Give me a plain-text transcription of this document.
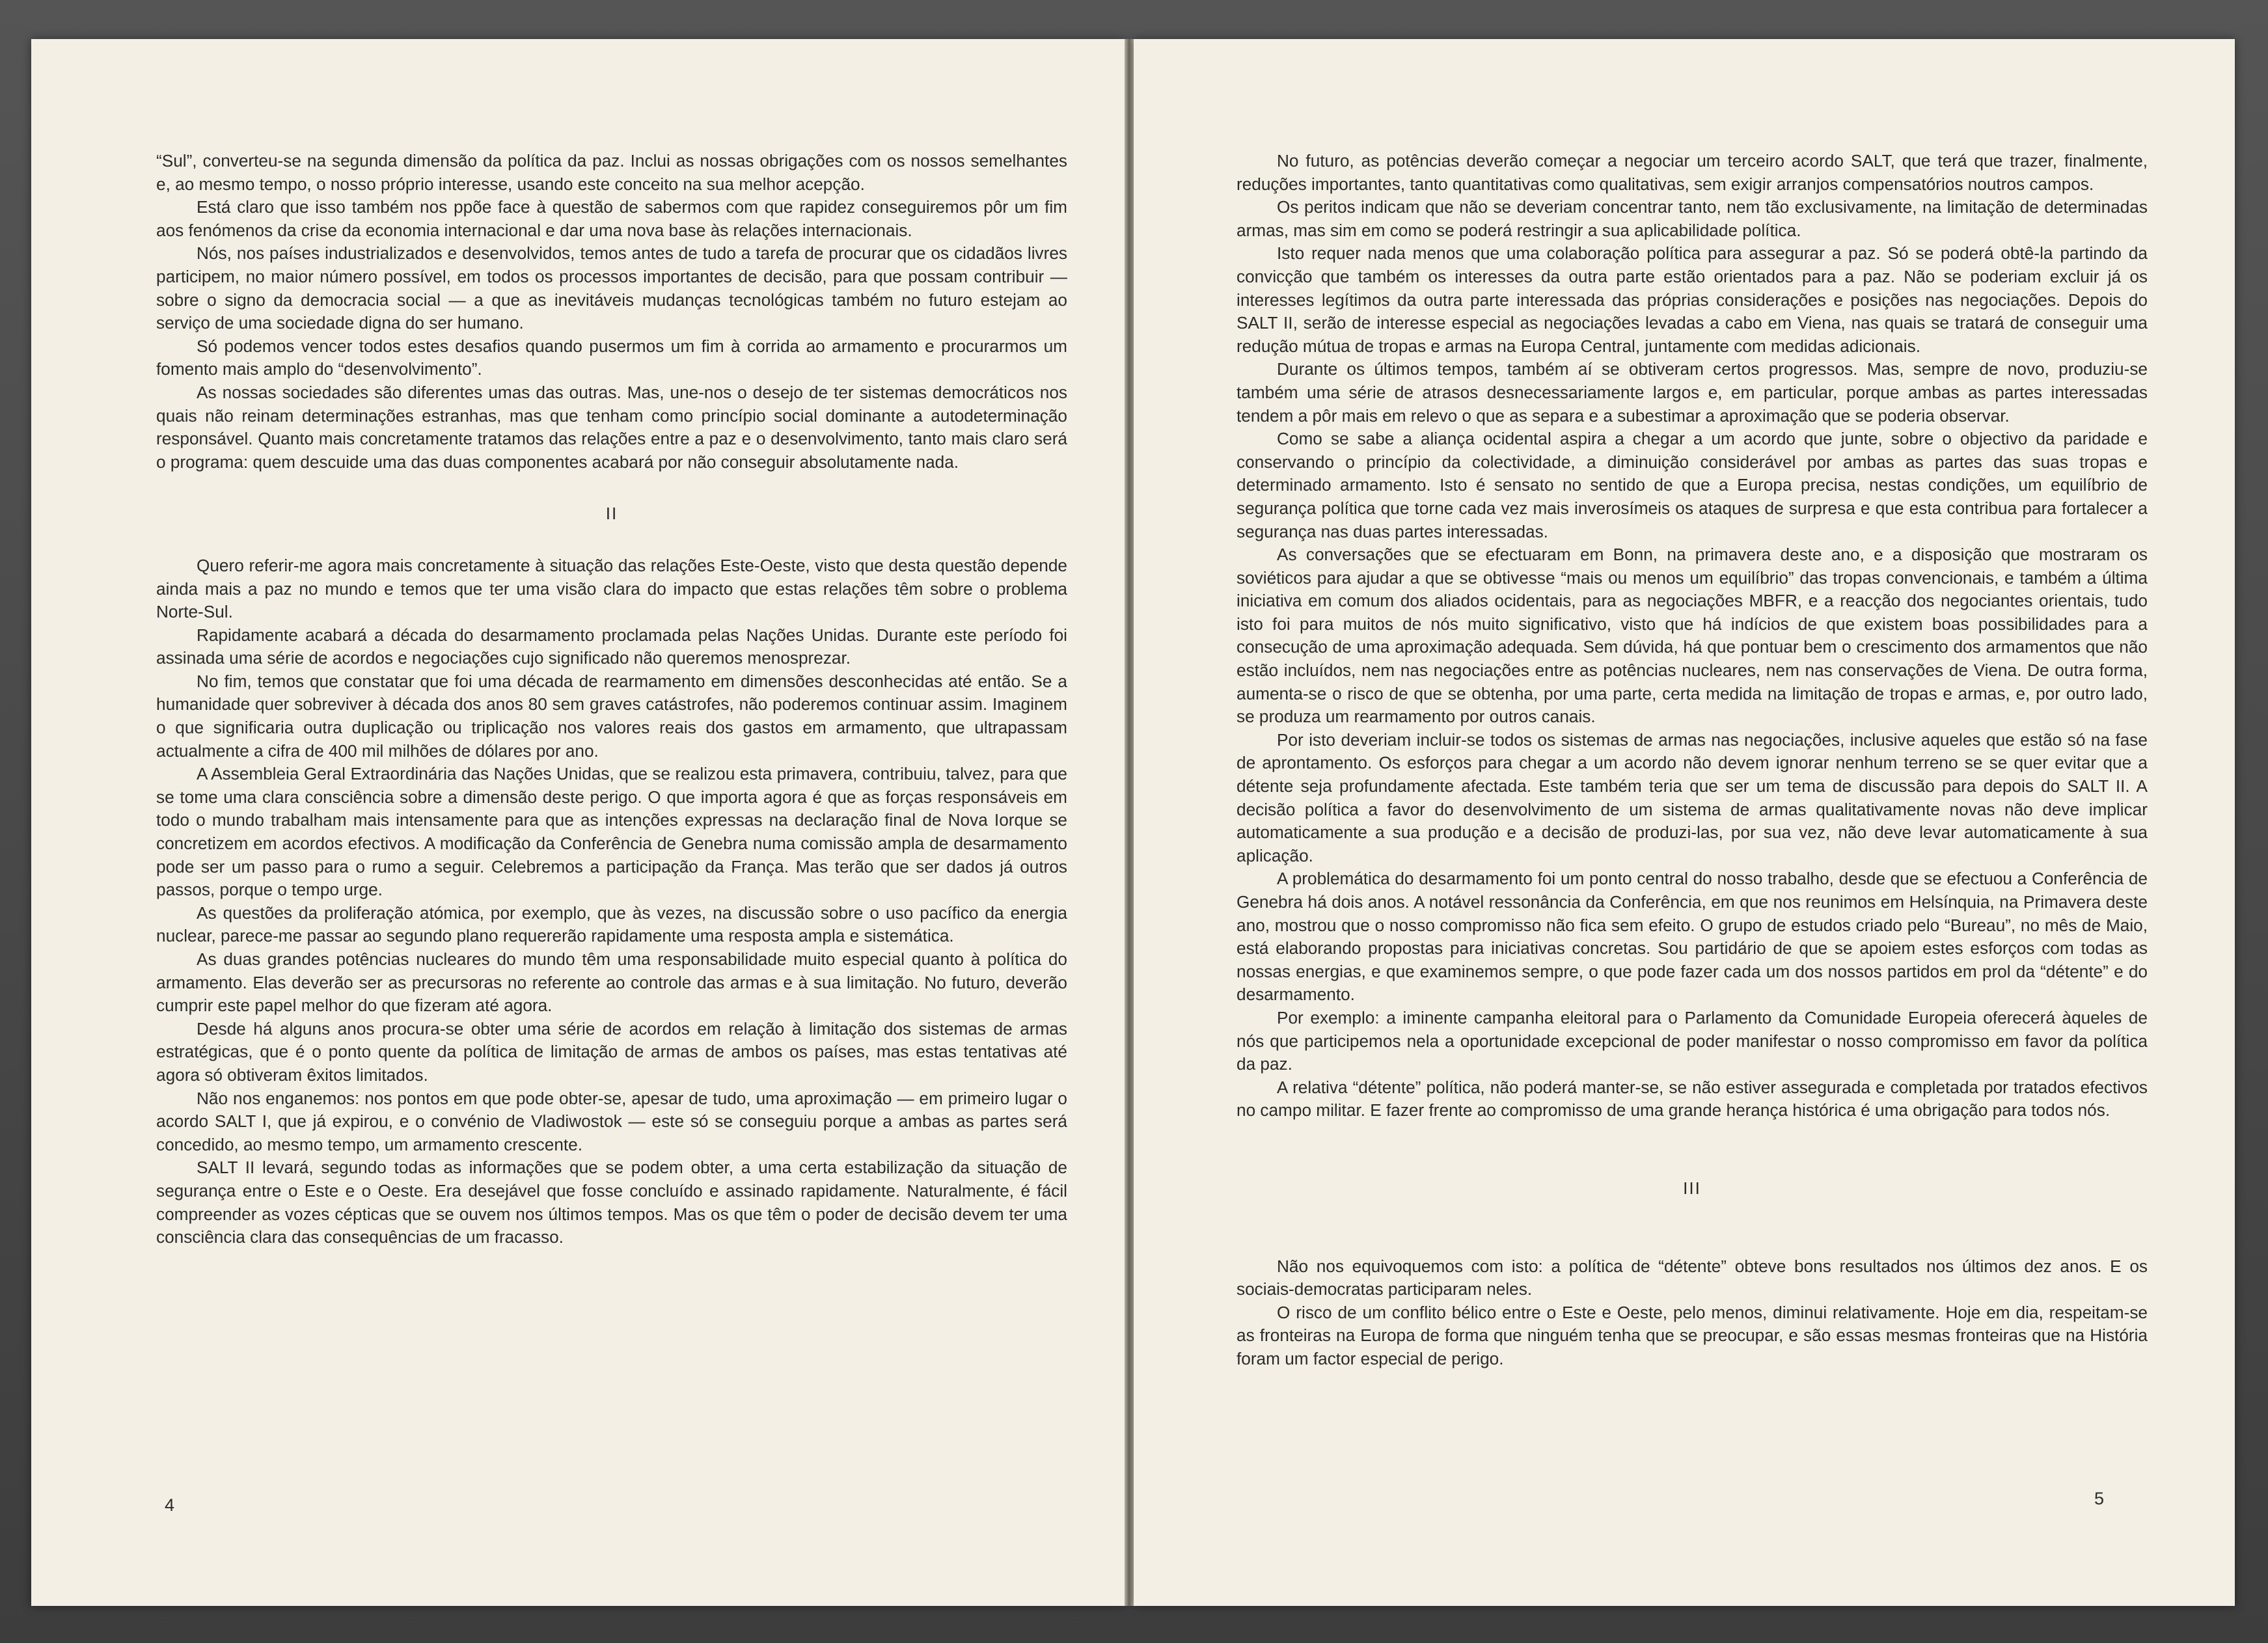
“Sul”, converteu-se na segunda dimensão da política da paz. Inclui as nossas obrigações com os nossos semelhantes e, ao mesmo tempo, o nosso próprio interesse, usando este conceito na sua melhor acepção.

Está claro que isso também nos ppõe face à questão de sabermos com que rapidez conseguiremos pôr um fim aos fenómenos da crise da economia internacional e dar uma nova base às relações internacionais.

Nós, nos países industrializados e desenvolvidos, temos antes de tudo a tarefa de procurar que os cidadãos livres participem, no maior número possível, em todos os processos importantes de decisão, para que possam contribuir — sobre o signo da democracia social — a que as inevitáveis mudanças tecnológicas também no futuro estejam ao serviço de uma sociedade digna do ser humano.

Só podemos vencer todos estes desafios quando pusermos um fim à corrida ao armamento e procurarmos um fomento mais amplo do “desenvolvimento”.

As nossas sociedades são diferentes umas das outras. Mas, une-nos o desejo de ter sistemas democráticos nos quais não reinam determinações estranhas, mas que tenham como princípio social dominante a autodeterminação responsável. Quanto mais concretamente tratamos das relações entre a paz e o desenvolvimento, tanto mais claro será o programa: quem descuide uma das duas componentes acabará por não conseguir absolutamente nada.

II

Quero referir-me agora mais concretamente à situação das relações Este-Oeste, visto que desta questão depende ainda mais a paz no mundo e temos que ter uma visão clara do impacto que estas relações têm sobre o problema Norte-Sul.

Rapidamente acabará a década do desarmamento proclamada pelas Nações Unidas. Durante este período foi assinada uma série de acordos e negociações cujo significado não queremos menosprezar.

No fim, temos que constatar que foi uma década de rearmamento em dimensões desconhecidas até então. Se a humanidade quer sobreviver à década dos anos 80 sem graves catástrofes, não poderemos continuar assim. Imaginem o que significaria outra duplicação ou triplicação nos valores reais dos gastos em armamento, que ultrapassam actualmente a cifra de 400 mil milhões de dólares por ano.

A Assembleia Geral Extraordinária das Nações Unidas, que se realizou esta primavera, contribuiu, talvez, para que se tome uma clara consciência sobre a dimensão deste perigo. O que importa agora é que as forças responsáveis em todo o mundo trabalham mais intensamente para que as intenções expressas na declaração final de Nova Iorque se concretizem em acordos efectivos. A modificação da Conferência de Genebra numa comissão ampla de desarmamento pode ser um passo para o rumo a seguir. Celebremos a participação da França. Mas terão que ser dados já outros passos, porque o tempo urge.

As questões da proliferação atómica, por exemplo, que às vezes, na discussão sobre o uso pacífico da energia nuclear, parece-me passar ao segundo plano requererão rapidamente uma resposta ampla e sistemática.

As duas grandes potências nucleares do mundo têm uma responsabilidade muito especial quanto à política do armamento. Elas deverão ser as precursoras no referente ao controle das armas e à sua limitação. No futuro, deverão cumprir este papel melhor do que fizeram até agora.

Desde há alguns anos procura-se obter uma série de acordos em relação à limitação dos sistemas de armas estratégicas, que é o ponto quente da política de limitação de armas de ambos os países, mas estas tentativas até agora só obtiveram êxitos limitados.

Não nos enganemos: nos pontos em que pode obter-se, apesar de tudo, uma aproximação — em primeiro lugar o acordo SALT I, que já expirou, e o convénio de Vladiwostok — este só se conseguiu porque a ambas as partes será concedido, ao mesmo tempo, um armamento crescente.

SALT II levará, segundo todas as informações que se podem obter, a uma certa estabilização da situação de segurança entre o Este e o Oeste. Era desejável que fosse concluído e assinado rapidamente. Naturalmente, é fácil compreender as vozes cépticas que se ouvem nos últimos tempos. Mas os que têm o poder de decisão devem ter uma consciência clara das consequências de um fracasso.

4

No futuro, as potências deverão começar a negociar um terceiro acordo SALT, que terá que trazer, finalmente, reduções importantes, tanto quantitativas como qualitativas, sem exigir arranjos compensatórios noutros campos.

Os peritos indicam que não se deveriam concentrar tanto, nem tão exclusivamente, na limitação de determinadas armas, mas sim em como se poderá restringir a sua aplicabilidade política.

Isto requer nada menos que uma colaboração política para assegurar a paz. Só se poderá obtê-la partindo da convicção que também os interesses da outra parte estão orientados para a paz. Não se poderiam excluir já os interesses legítimos da outra parte interessada das próprias considerações e posições nas negociações. Depois do SALT II, serão de interesse especial as negociações levadas a cabo em Viena, nas quais se tratará de conseguir uma redução mútua de tropas e armas na Europa Central, juntamente com medidas adicionais.

Durante os últimos tempos, também aí se obtiveram certos progressos. Mas, sempre de novo, produziu-se também uma série de atrasos desnecessariamente largos e, em particular, porque ambas as partes interessadas tendem a pôr mais em relevo o que as separa e a subestimar a aproximação que se poderia observar.

Como se sabe a aliança ocidental aspira a chegar a um acordo que junte, sobre o objectivo da paridade e conservando o princípio da colectividade, a diminuição considerável por ambas as partes das suas tropas e determinado armamento. Isto é sensato no sentido de que a Europa precisa, nestas condições, um equilíbrio de segurança política que torne cada vez mais inverosímeis os ataques de surpresa e que esta contribua para fortalecer a segurança nas duas partes interessadas.

As conversações que se efectuaram em Bonn, na primavera deste ano, e a disposição que mostraram os soviéticos para ajudar a que se obtivesse “mais ou menos um equilíbrio” das tropas convencionais, e também a última iniciativa em comum dos aliados ocidentais, para as negociações MBFR, e a reacção dos negociantes orientais, tudo isto foi para muitos de nós muito significativo, visto que há indícios de que existem boas possibilidades para a consecução de uma aproximação adequada. Sem dúvida, há que pontuar bem o crescimento dos armamentos que não estão incluídos, nem nas negociações entre as potências nucleares, nem nas conservações de Viena. De outra forma, aumenta-se o risco de que se obtenha, por uma parte, certa medida na limitação de tropas e armas, e, por outro lado, se produza um rearmamento por outros canais.

Por isto deveriam incluir-se todos os sistemas de armas nas negociações, inclusive aqueles que estão só na fase de aprontamento. Os esforços para chegar a um acordo não devem ignorar nenhum terreno se se quer evitar que a détente seja profundamente afectada. Este também teria que ser um tema de discussão para depois do SALT II. A decisão política a favor do desenvolvimento de um sistema de armas qualitativamente novas não deve implicar automaticamente a sua produção e a decisão de produzi-las, por sua vez, não deve levar automaticamente à sua aplicação.

A problemática do desarmamento foi um ponto central do nosso trabalho, desde que se efectuou a Conferência de Genebra há dois anos. A notável ressonância da Conferência, em que nos reunimos em Helsínquia, na Primavera deste ano, mostrou que o nosso compromisso não fica sem efeito. O grupo de estudos criado pelo “Bureau”, no mês de Maio, está elaborando propostas para iniciativas concretas. Sou partidário de que se apoiem estes esforços com todas as nossas energias, e que examinemos sempre, o que pode fazer cada um dos nossos partidos em prol da “détente” e do desarmamento.

Por exemplo: a iminente campanha eleitoral para o Parlamento da Comunidade Europeia oferecerá àqueles de nós que participemos nela a oportunidade excepcional de poder manifestar o nosso compromisso em favor da política da paz.

A relativa “détente” política, não poderá manter-se, se não estiver assegurada e completada por tratados efectivos no campo militar. E fazer frente ao compromisso de uma grande herança histórica é uma obrigação para todos nós.

III

Não nos equivoquemos com isto: a política de “détente” obteve bons resultados nos últimos dez anos. E os sociais-democratas participaram neles.

O risco de um conflito bélico entre o Este e Oeste, pelo menos, diminui relativamente. Hoje em dia, respeitam-se as fronteiras na Europa de forma que ninguém tenha que se preocupar, e são essas mesmas fronteiras que na História foram um factor especial de perigo.

5
